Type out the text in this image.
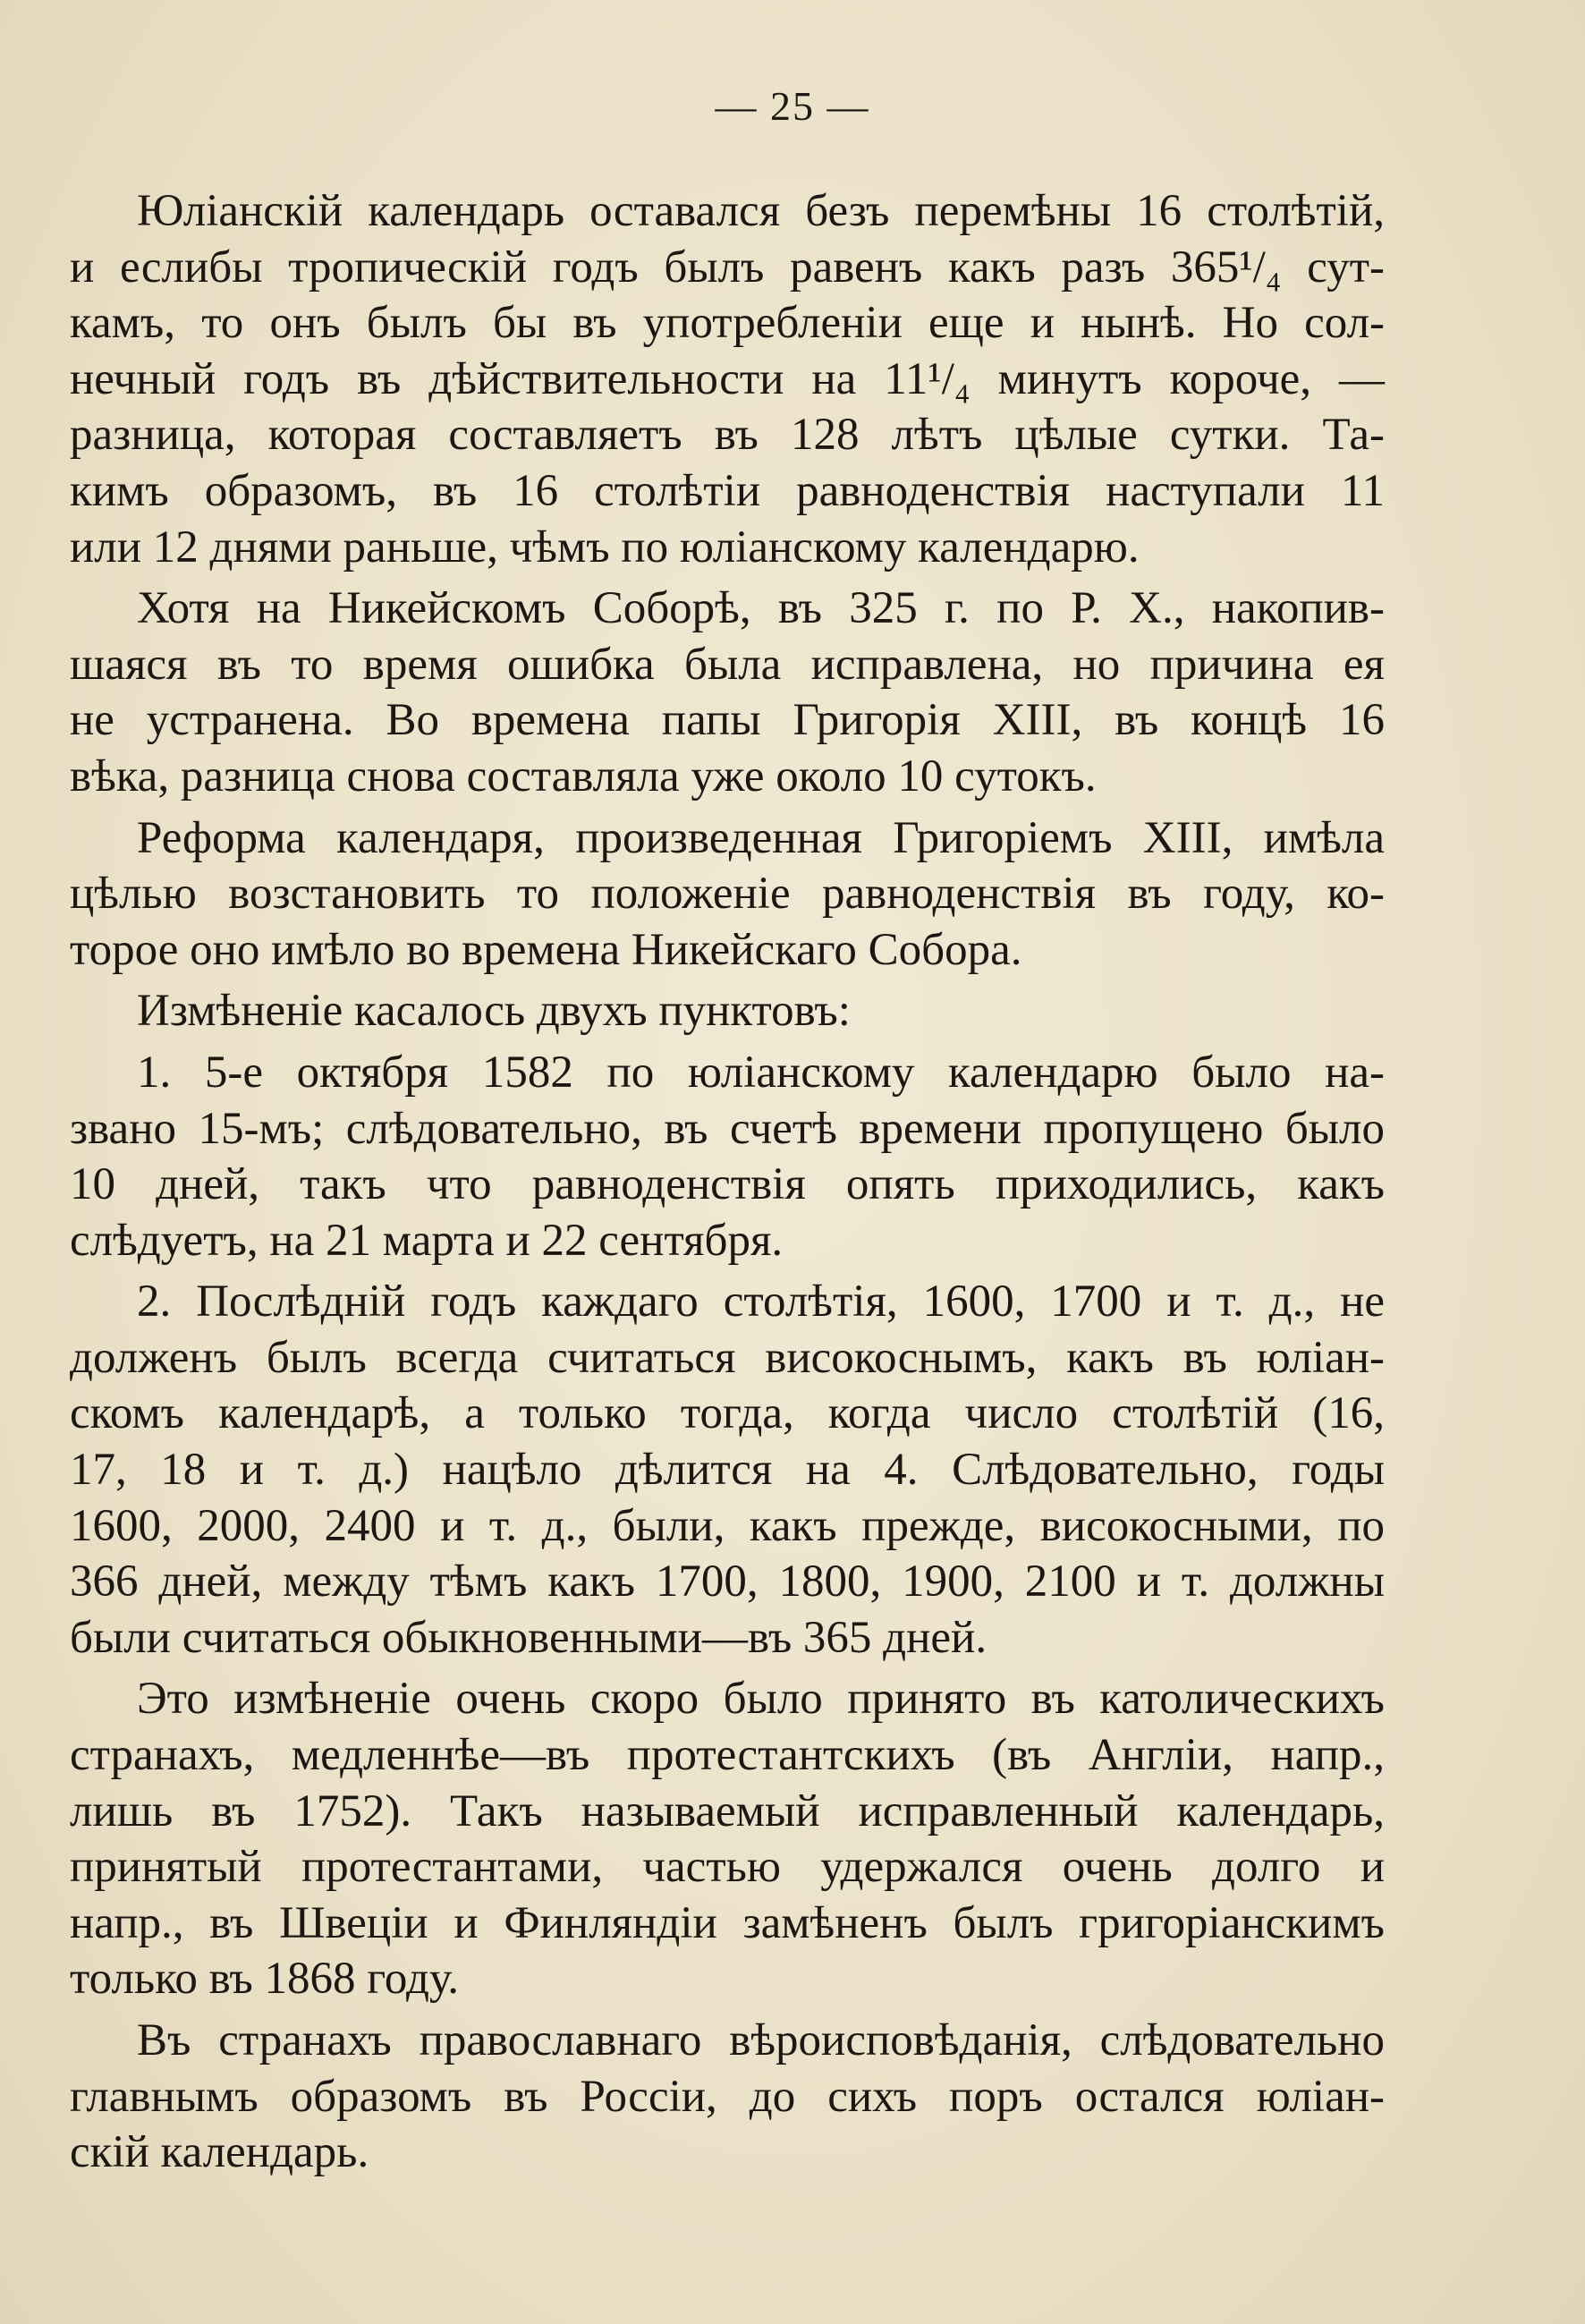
— 25 —
Юліанскій календарь оставался безъ перемѣны 16 столѣтій,
и еслибы тропическій годъ былъ равенъ какъ разъ 365¹/₄ сут-
камъ, то онъ былъ бы въ употребленіи еще и нынѣ. Но сол-
нечный годъ въ дѣйствительности на 11¹/₄ минутъ короче, —
разница, которая составляетъ въ 128 лѣтъ цѣлые сутки. Та-
кимъ образомъ, въ 16 столѣтіи равноденствія наступали 11
или 12 днями раньше, чѣмъ по юліанскому календарю.
Хотя на Никейскомъ Соборѣ, въ 325 г. по Р. Х., накопив-
шаяся въ то время ошибка была исправлена, но причина ея
не устранена. Во времена папы Григорія XIII, въ концѣ 16
вѣка, разница снова составляла уже около 10 сутокъ.
Реформа календаря, произведенная Григоріемъ XIII, имѣла
цѣлью возстановить то положеніе равноденствія въ году, ко-
торое оно имѣло во времена Никейскаго Собора.
Измѣненіе касалось двухъ пунктовъ:
1. 5-е октября 1582 по юліанскому календарю было на-
звано 15-мъ; слѣдовательно, въ счетѣ времени пропущено было
10 дней, такъ что равноденствія опять приходились, какъ
слѣдуетъ, на 21 марта и 22 сентября.
2. Послѣдній годъ каждаго столѣтія, 1600, 1700 и т. д., не
долженъ былъ всегда считаться високоснымъ, какъ въ юліан-
скомъ календарѣ, а только тогда, когда число столѣтій (16,
17, 18 и т. д.) нацѣло дѣлится на 4. Слѣдовательно, годы
1600, 2000, 2400 и т. д., были, какъ прежде, високосными, по
366 дней, между тѣмъ какъ 1700, 1800, 1900, 2100 и т. должны
были считаться обыкновенными—въ 365 дней.
Это измѣненіе очень скоро было принято въ католическихъ
странахъ, медленнѣе—въ протестантскихъ (въ Англіи, напр.,
лишь въ 1752). Такъ называемый исправленный календарь,
принятый протестантами, частью удержался очень долго и
напр., въ Швеціи и Финляндіи замѣненъ былъ григоріанскимъ
только въ 1868 году.
Въ странахъ православнаго вѣроисповѣданія, слѣдовательно
главнымъ образомъ въ Россіи, до сихъ поръ остался юліан-
скій календарь.
